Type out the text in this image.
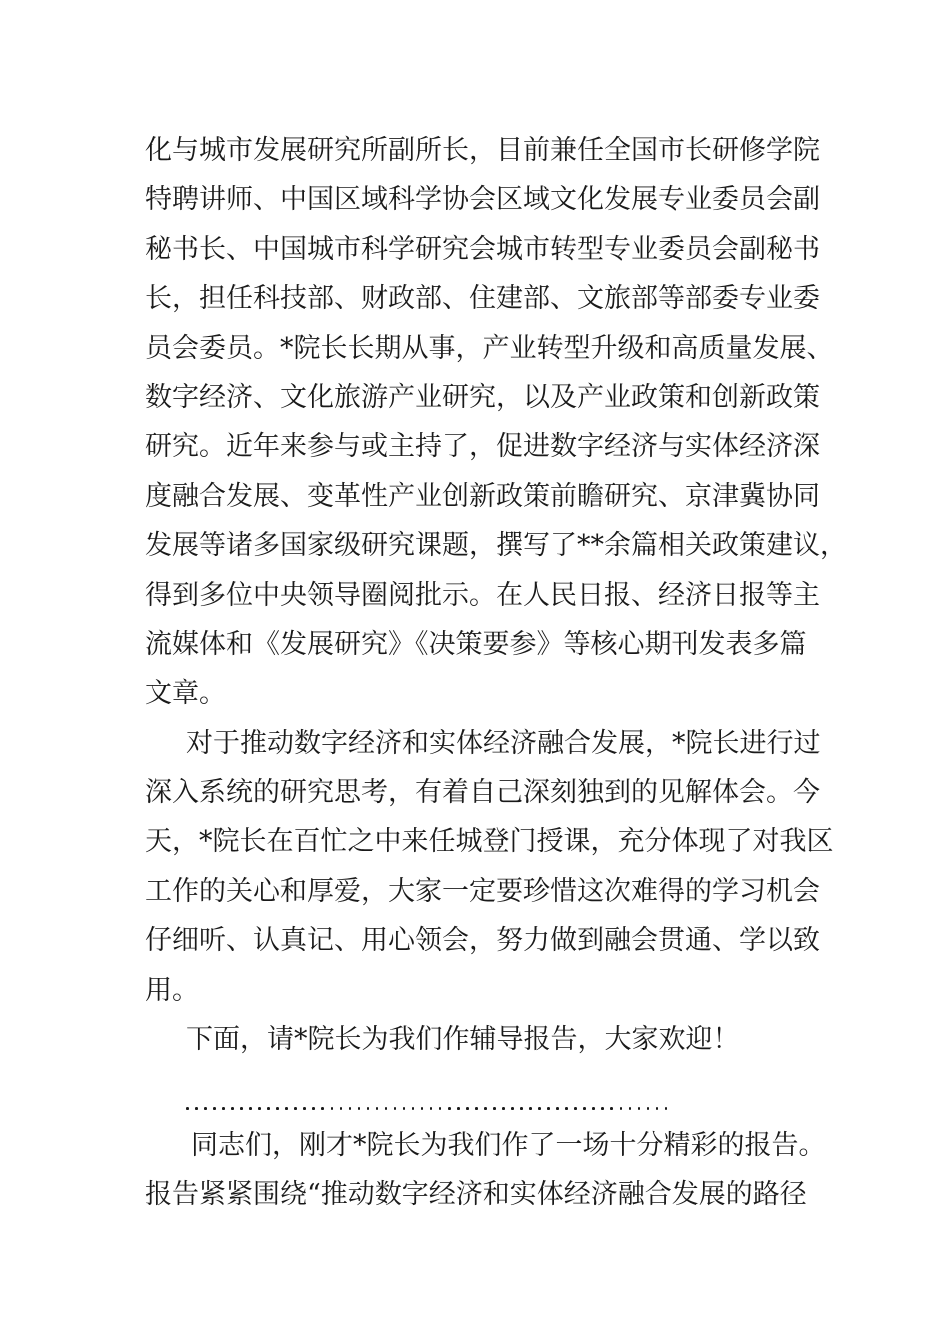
化与城市发展研究所副所长，目前兼任全国市长研修学院
特聘讲师、中国区域科学协会区域文化发展专业委员会副
秘书长、中国城市科学研究会城市转型专业委员会副秘书
长，担任科技部、财政部、住建部、文旅部等部委专业委
员会委员。*院长长期从事，产业转型升级和高质量发展、
数字经济、文化旅游产业研究，以及产业政策和创新政策
研究。近年来参与或主持了，促进数字经济与实体经济深
度融合发展、变革性产业创新政策前瞻研究、京津冀协同
发展等诸多国家级研究课题，撰写了**余篇相关政策建议，
得到多位中央领导圈阅批示。在人民日报、经济日报等主
流媒体和《发展研究》《决策要参》等核心期刊发表多篇
文章。
对于推动数字经济和实体经济融合发展，*院长进行过
深入系统的研究思考，有着自己深刻独到的见解体会。今
天，*院长在百忙之中来任城登门授课，充分体现了对我区
工作的关心和厚爱，大家一定要珍惜这次难得的学习机会
仔细听、认真记、用心领会，努力做到融会贯通、学以致
用。
下面，请*院长为我们作辅导报告，大家欢迎！
同志们，刚才*院长为我们作了一场十分精彩的报告。
报告紧紧围绕“推动数字经济和实体经济融合发展的路径
